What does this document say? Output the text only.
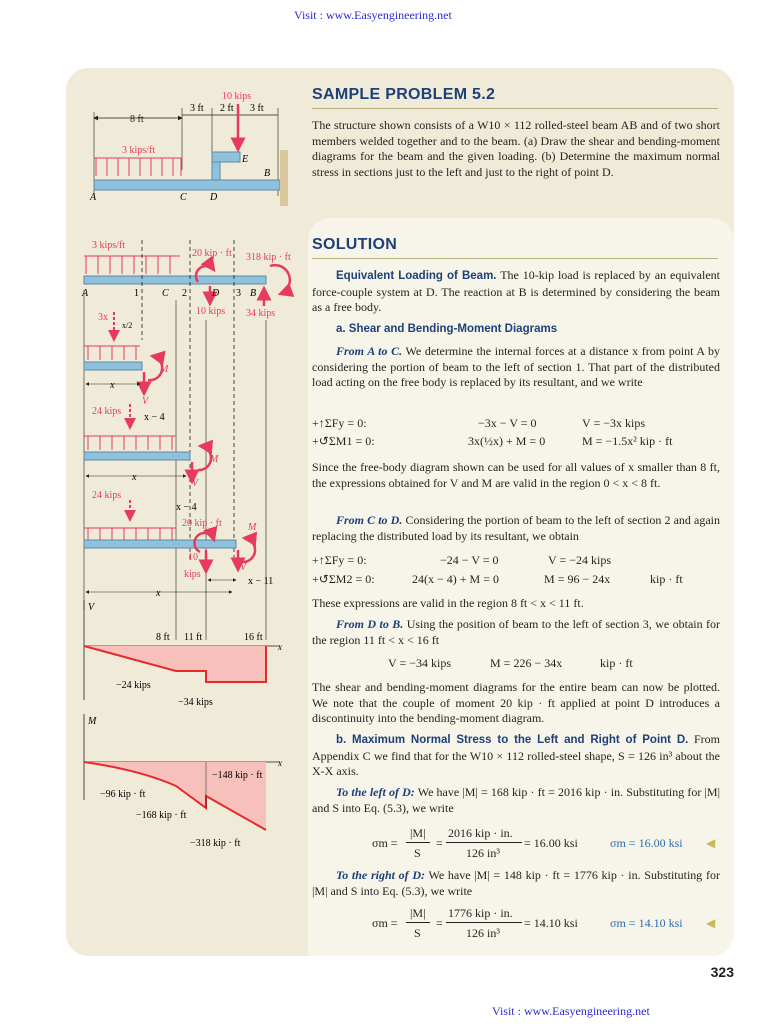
Visit : www.Easyengineering.net
SAMPLE PROBLEM 5.2

The structure shown consists of a W10 × 112 rolled-steel beam AB and of two short members welded together and to the beam. (a) Draw the shear and bending-moment diagrams for the beam and the given loading. (b) Determine the maximum normal stress in sections just to the left and just to the right of point D.

SOLUTION

Equivalent Loading of Beam. The 10-kip load is replaced by an equivalent force-couple system at D. The reaction at B is determined by considering the beam as a free body.

a. Shear and Bending-Moment Diagrams

From A to C. We determine the internal forces at a distance x from point A by considering the portion of beam to the left of section 1. That part of the distributed load acting on the free body is replaced by its resultant, and we write

+↑ΣFy = 0:	−3x − V = 0	V = −3x kips
+↺ΣM1 = 0:	3x(½x) + M = 0	M = −1.5x² kip · ft

Since the free-body diagram shown can be used for all values of x smaller than 8 ft, the expressions obtained for V and M are valid in the region 0 < x < 8 ft.

From C to D. Considering the portion of beam to the left of section 2 and again replacing the distributed load by its resultant, we obtain

+↑ΣFy = 0:	−24 − V = 0	V = −24 kips
+↺ΣM2 = 0:	24(x − 4) + M = 0	M = 96 − 24x	kip · ft

These expressions are valid in the region 8 ft < x < 11 ft.

From D to B. Using the position of beam to the left of section 3, we obtain for the region 11 ft < x < 16 ft

V = −34 kips	M = 226 − 34x	kip · ft

The shear and bending-moment diagrams for the entire beam can now be plotted. We note that the couple of moment 20 kip · ft applied at point D introduces a discontinuity into the bending-moment diagram.

b. Maximum Normal Stress to the Left and Right of Point D. From Appendix C we find that for the W10 × 112 rolled-steel shape, S = 126 in³ about the X-X axis.

To the left of D: We have |M| = 168 kip · ft = 2016 kip · in. Substituting for |M| and S into Eq. (5.3), we write

σm =
|M|
S
=
2016 kip · in.
126 in³
= 16.00 ksi	σm = 16.00 ksi ◀

To the right of D: We have |M| = 148 kip · ft = 1776 kip · in. Substituting for |M| and S into Eq. (5.3), we write

σm =
|M|
S
=
1776 kip · in.
126 in³
= 14.10 ksi	σm = 14.10 ksi ◀
10 kips
3 ft 2 ft 3 ft
8 ft
3 kips/ft
E
A	C D
B
3 kips/ft
20 kip · ft 318 kip · ft
10 kips 34 kips
A	1 C 2	D 3 B
3x
x/2
M
V
x
24 kips
x − 4
M
V
x
24 kips
x − 4
20 kip · ft
10
kips
M
V
x − 11
x
V
x
8 ft 11 ft	16 ft
−24 kips
−34 kips
M
x
−96 kip · ft
−168 kip · ft
−148 kip · ft
−318 kip · ft
323
Visit : www.Easyengineering.net
